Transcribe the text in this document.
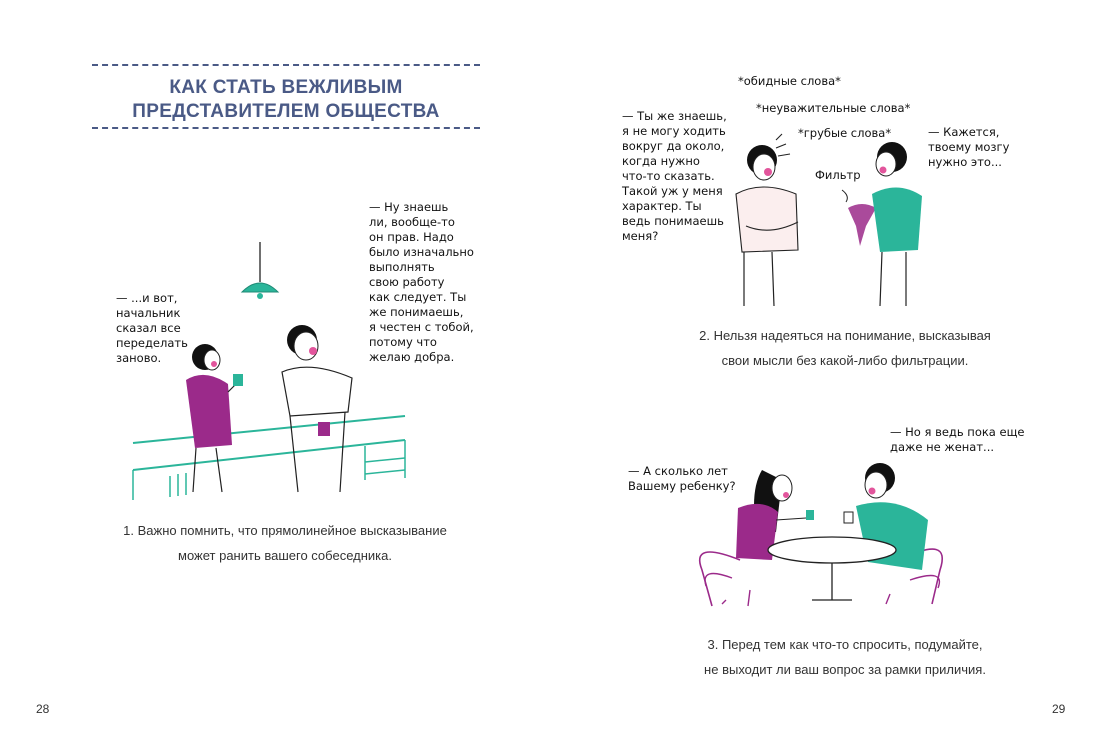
КАК СТАТЬ ВЕЖЛИВЫМ
ПРЕДСТАВИТЕЛЕМ ОБЩЕСТВА
— ...и вот,
начальник
сказал все
переделать
заново.
— Ну знаешь
ли, вообще-то
он прав. Надо
было изначально
выполнять
свою работу
как следует. Ты
же понимаешь,
я честен с тобой,
потому что
желаю добра.
1. Важно помнить, что прямолинейное высказывание
может ранить вашего собеседника.
28
— Ты же знаешь,
я не могу ходить
вокруг да около,
когда нужно
что-то сказать.
Такой уж у меня
характер. Ты
ведь понимаешь
меня?
*обидные слова*
*неуважительные слова*
*грубые слова*
Фильтр
— Кажется,
твоему мозгу
нужно это...
2. Нельзя надеяться на понимание, высказывая
свои мысли без какой-либо фильтрации.
— А сколько лет
Вашему ребенку?
— Но я ведь пока еще
даже не женат...
3. Перед тем как что-то спросить, подумайте,
не выходит ли ваш вопрос за рамки приличия.
29
